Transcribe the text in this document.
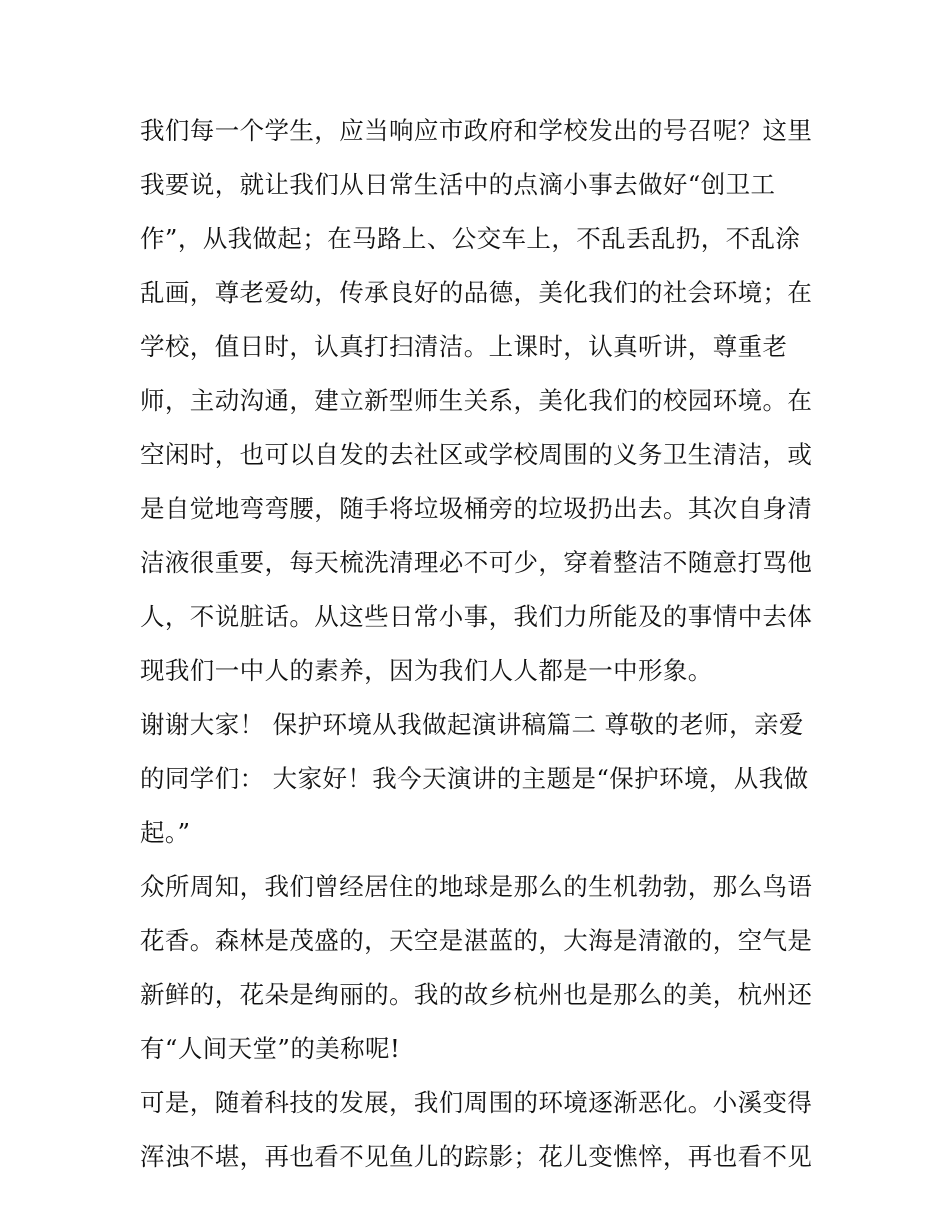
我们每一个学生，应当响应市政府和学校发出的号召呢？这里
我要说，就让我们从日常生活中的点滴小事去做好“创卫工
作”，从我做起；在马路上、公交车上，不乱丢乱扔，不乱涂
乱画，尊老爱幼，传承良好的品德，美化我们的社会环境；在
学校，值日时，认真打扫清洁。上课时，认真听讲，尊重老
师，主动沟通，建立新型师生关系，美化我们的校园环境。在
空闲时，也可以自发的去社区或学校周围的义务卫生清洁，或
是自觉地弯弯腰，随手将垃圾桶旁的垃圾扔出去。其次自身清
洁液很重要，每天梳洗清理必不可少，穿着整洁不随意打骂他
人，不说脏话。从这些日常小事，我们力所能及的事情中去体
现我们一中人的素养，因为我们人人都是一中形象。
谢谢大家！ 保护环境从我做起演讲稿篇二 尊敬的老师，亲爱
的同学们： 大家好！我今天演讲的主题是“保护环境，从我做
起。”
众所周知，我们曾经居住的地球是那么的生机勃勃，那么鸟语
花香。森林是茂盛的，天空是湛蓝的，大海是清澈的，空气是
新鲜的，花朵是绚丽的。我的故乡杭州也是那么的美，杭州还
有“人间天堂”的美称呢!
可是，随着科技的发展，我们周围的环境逐渐恶化。小溪变得
浑浊不堪，再也看不见鱼儿的踪影；花儿变憔悴，再也看不见
